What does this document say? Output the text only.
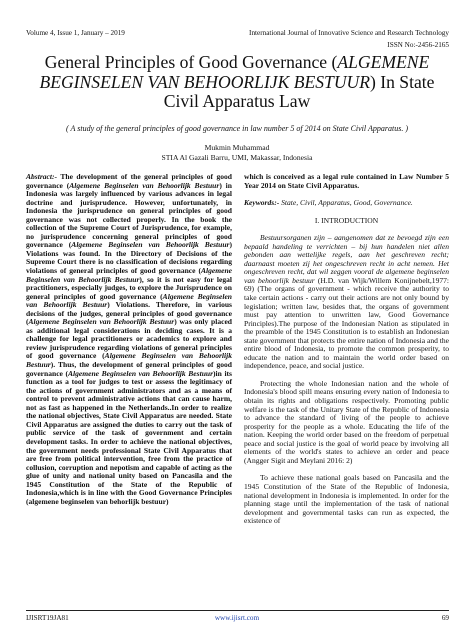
Volume 4, Issue 1, January – 2019	International Journal of Innovative Science and Research Technology
ISSN No:-2456-2165
General Principles of Good Governance (ALGEMENE BEGINSELEN VAN BEHOORLIJK BESTUUR) In State Civil Apparatus Law
( A study of the general principles of good governance in law number 5 of 2014 on State Civil Apparatus. )
Mukmin Muhammad
STIA Al Gazali Barru, UMI, Makassar, Indonesia

Abstract:- The development of the general principles of good governance (Algemene Beginselen van Behoorlijk Bestuur) in Indonesia was largely influenced by various advances in legal doctrine and jurisprudence. However, unfortunately, in Indonesia the jurisprudence on general principles of good governance was not collected properly. In the book the collection of the Supreme Court of Jurisprudence, for example, no jurisprudence concerning general principles of good governance (Algemene Beginselen van Behoorlijk Bestuur) Violations was found. In the Directory of Decisions of the Supreme Court there is no classification of decisions regarding violations of general principles of good governance (Algemene Beginselen van Behoorlijk Bestuur), so it is not easy for legal practitioners, especially judges, to explore the Jurisprudence on general principles of good governance (Algemene Beginselen van Behoorlijk Bestuur) Violations. Therefore, in various decisions of the judges, general principles of good governance (Algemene Beginselen van Behoorlijk Bestuur) was only placed as additional legal considerations in deciding cases. It is a challenge for legal practitioners or academics to explore and review jurisprudence regarding violations of general principles of good governance (Algemene Beginselen van Behoorlijk Bestuur). Thus, the development of general principles of good governance (Algemene Beginselen van Behoorlijk Bestuur)in its function as a tool for judges to test or assess the legitimacy of the actions of government administrators and as a means of control to prevent administrative actions that can cause harm, not as fast as happened in the Netherlands..In order to realize the national objectives, State Civil Apparatus are needed. State Civil Apparatus are assigned the duties to carry out the task of public service of the task of government and certain development tasks. In order to achieve the national objectives, the government needs professional State Civil Apparatus that are free from political intervention, free from the practice of collusion, corruption and nepotism and capable of acting as the glue of unity and national unity based on Pancasila and the 1945 Constitution of the State of the Republic of Indonesia,which is in line with the Good Governance Principles (algemene beginselen van behorlijk bestuur)

which is conceived as a legal rule contained in Law Number 5 Year 2014 on State Civil Apparatus.

Keywords:- State, Civil, Apparatus, Good, Governance.

I. INTRODUCTION

Bestuursorganen zijn – aangenomen dat ze bevoegd zijn een bepaald handeling te verrichten – bij hun handelen niet allen gebonden aan wettelijke regels, aan het geschreven recht; daarnaast moeten zij het ongeschreven recht in acht nemen. Het ongeschreven recht, dat wil zeggen vooral de algemene beginselen van behoorlijk bestuur (H.D. van Wijk/Willem Konijnebelt,1977: 69) (The organs of government - which receive the authority to take certain actions - carry out their actions are not only bound by legislation; written law, besides that, the organs of government must pay attention to unwritten law, Good Governance Principles).The purpose of the Indonesian Nation as stipulated in the preamble of the 1945 Constitution is to establish an Indonesian state government that protects the entire nation of Indonesia and the entire blood of Indonesia, to promote the common prosperity, to educate the nation and to maintain the world order based on independence, peace, and social justice.

Protecting the whole Indonesian nation and the whole of Indonesia's blood spill means ensuring every nation of Indonesia to obtain its rights and obligations respectively. Promoting public welfare is the task of the Unitary State of the Republic of Indonesia to advance the standard of living of the people to achieve prosperity for the people as a whole. Educating the life of the nation. Keeping the world order based on the freedom of perpetual peace and social justice is the goal of world peace by involving all elements of the world's states to achieve an order and peace (Angger Sigit and Meylani 2016: 2)

To achieve these national goals based on Pancasila and the 1945 Constitution of the State of the Republic of Indonesia, national development in Indonesia is implemented. In order for the planning stage until the implementation of the task of national development and governmental tasks can run as expected, the existence of

IJISRT19JA81	www.ijisrt.com	69
